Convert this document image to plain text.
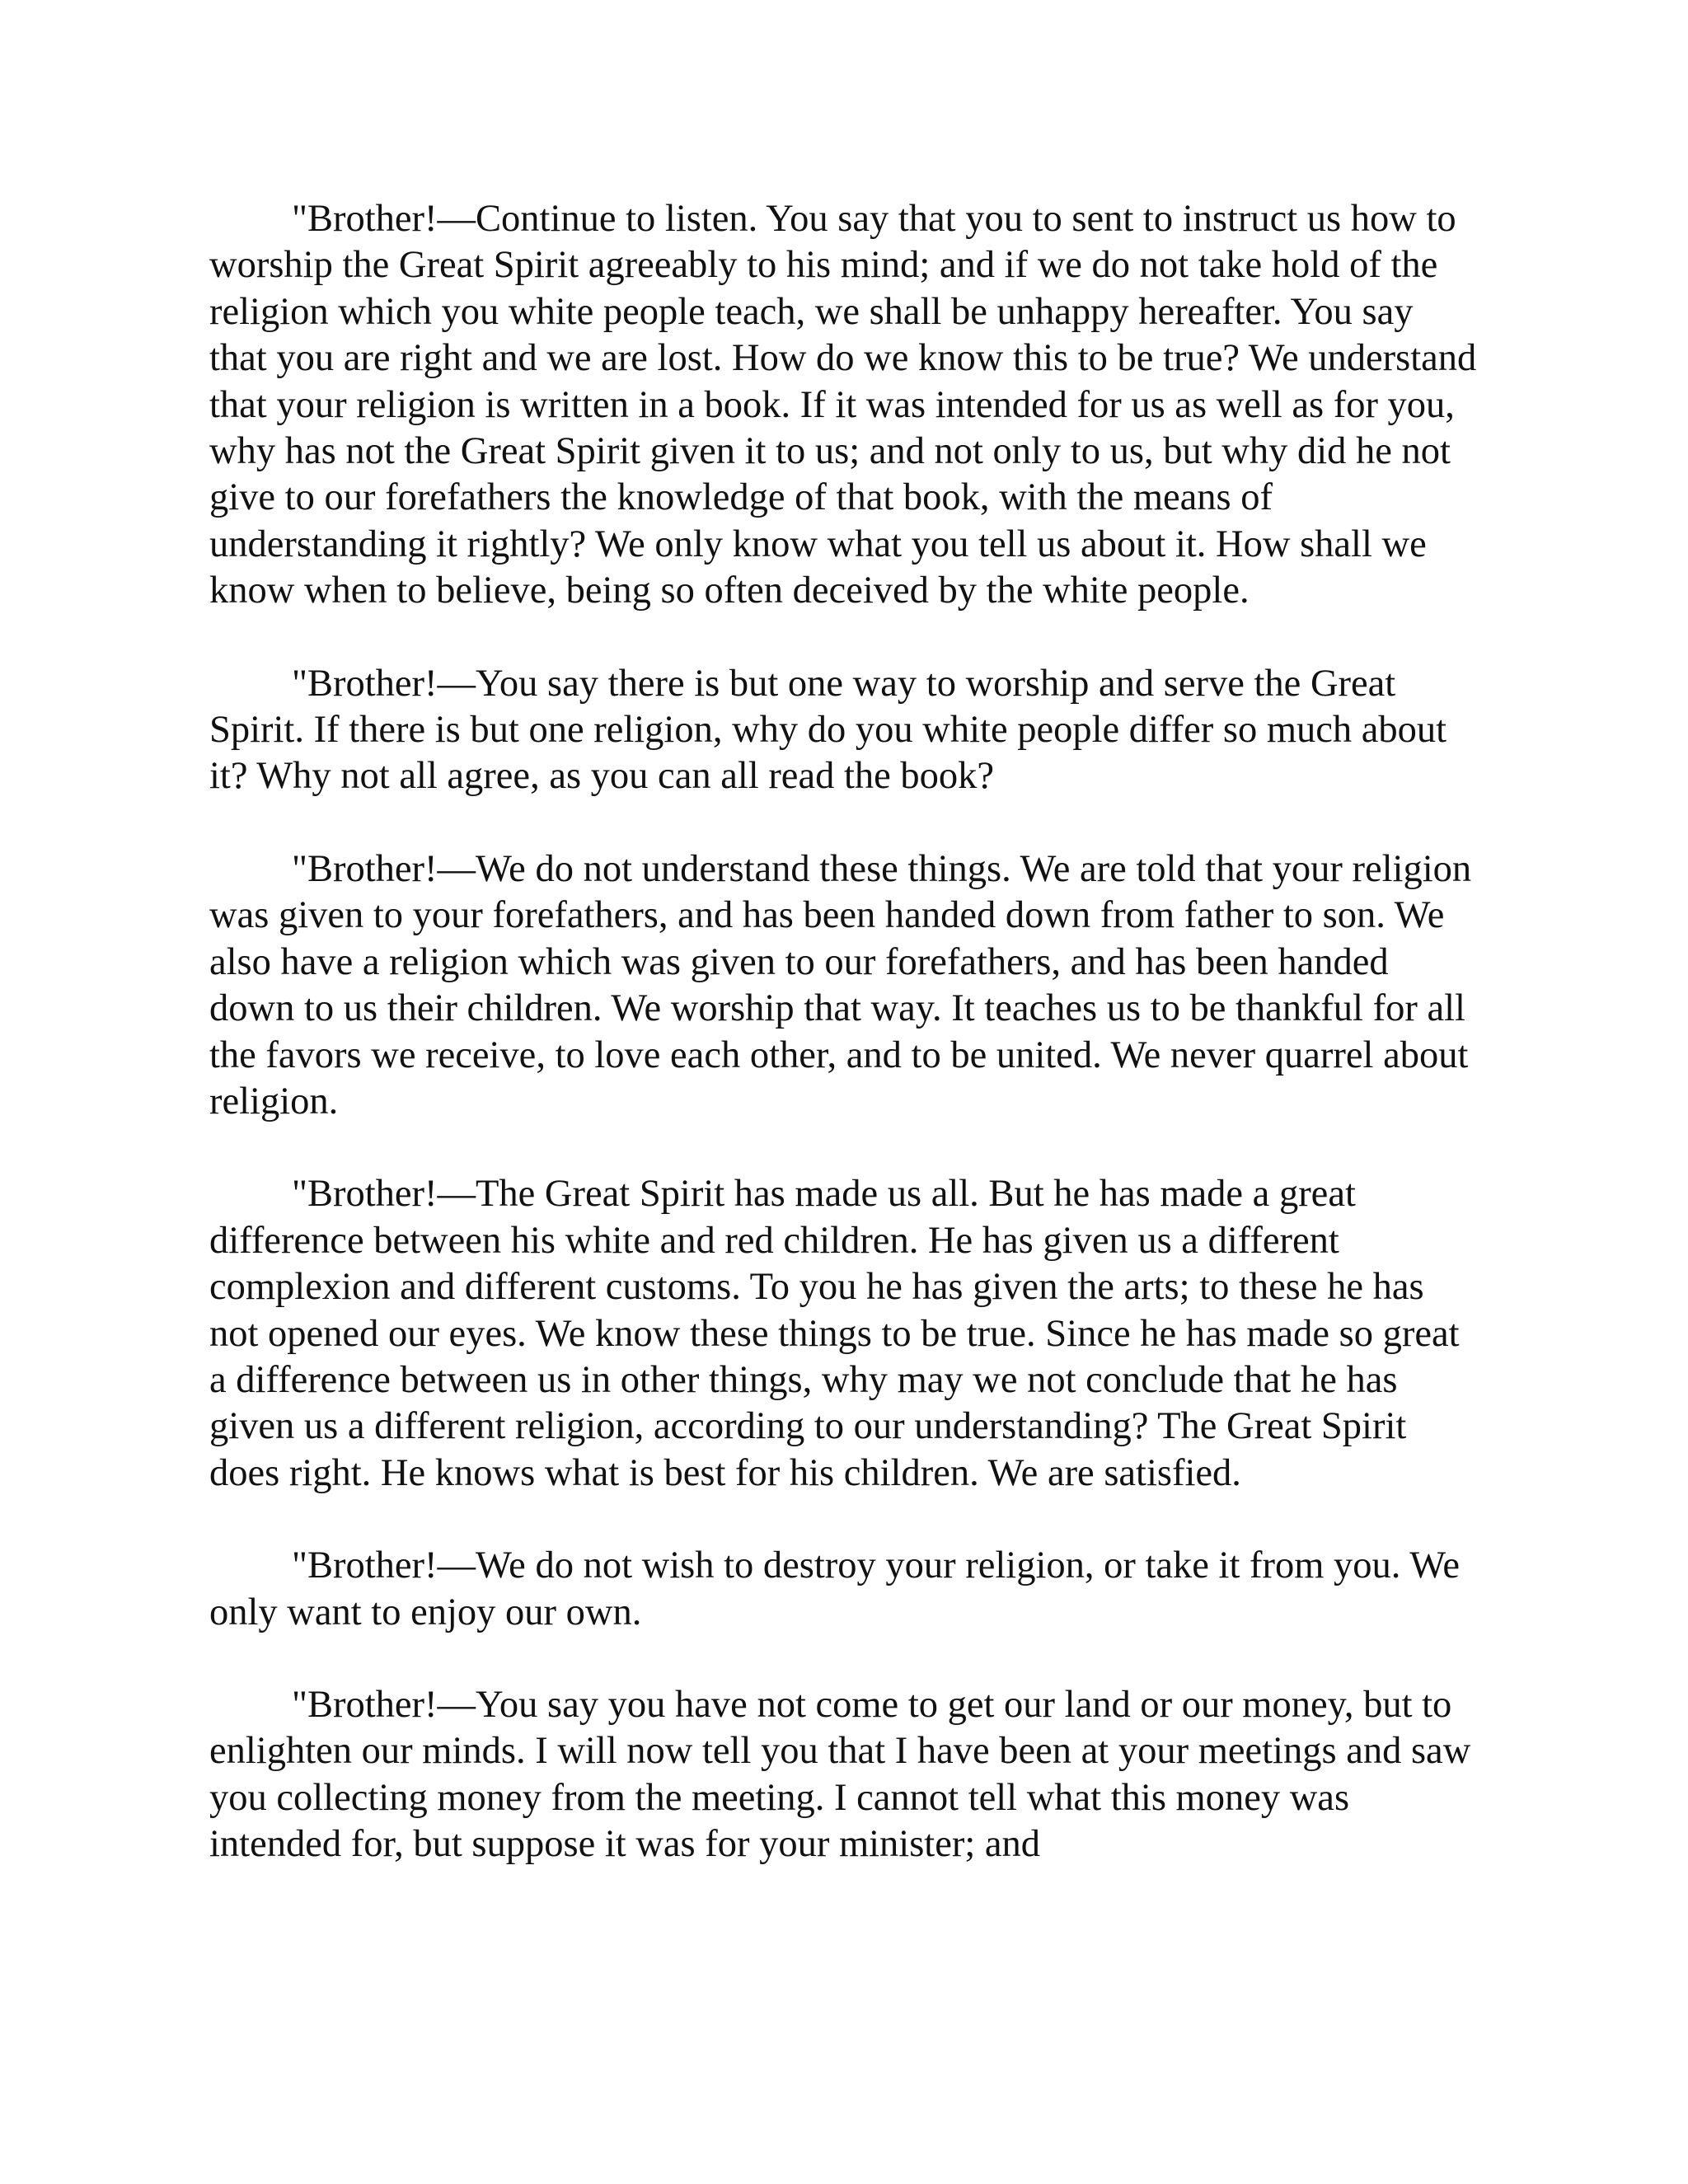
"Brother!—Continue to listen. You say that you to sent to instruct us how to worship the Great Spirit agreeably to his mind; and if we do not take hold of the religion which you white people teach, we shall be unhappy hereafter. You say that you are right and we are lost. How do we know this to be true? We understand that your religion is written in a book. If it was intended for us as well as for you, why has not the Great Spirit given it to us; and not only to us, but why did he not give to our forefathers the knowledge of that book, with the means of understanding it rightly? We only know what you tell us about it. How shall we know when to believe, being so often deceived by the white people.

"Brother!—You say there is but one way to worship and serve the Great Spirit. If there is but one religion, why do you white people differ so much about it? Why not all agree, as you can all read the book?

"Brother!—We do not understand these things. We are told that your religion was given to your forefathers, and has been handed down from father to son. We also have a religion which was given to our forefathers, and has been handed down to us their children. We worship that way. It teaches us to be thankful for all the favors we receive, to love each other, and to be united. We never quarrel about religion.

"Brother!—The Great Spirit has made us all. But he has made a great difference between his white and red children. He has given us a different complexion and different customs. To you he has given the arts; to these he has not opened our eyes. We know these things to be true. Since he has made so great a difference between us in other things, why may we not conclude that he has given us a different religion, according to our understanding? The Great Spirit does right. He knows what is best for his children. We are satisfied.

"Brother!—We do not wish to destroy your religion, or take it from you. We only want to enjoy our own.

"Brother!—You say you have not come to get our land or our money, but to enlighten our minds. I will now tell you that I have been at your meetings and saw you collecting money from the meeting. I cannot tell what this money was intended for, but suppose it was for your minister; and
